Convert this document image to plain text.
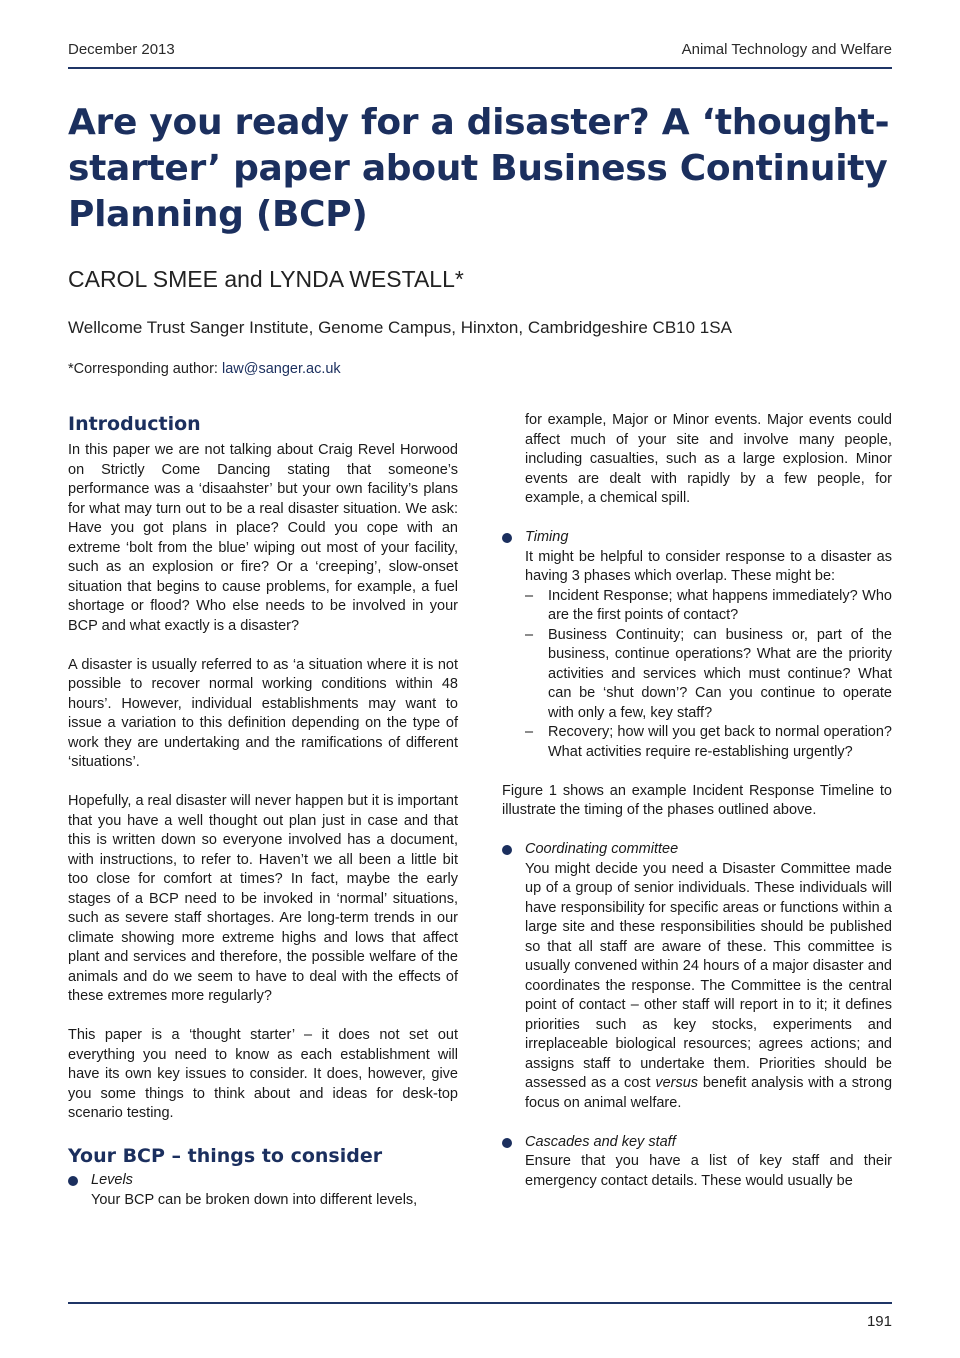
December 2013	Animal Technology and Welfare
Are you ready for a disaster? A ‘thought-starter’ paper about Business Continuity Planning (BCP)
CAROL SMEE and LYNDA WESTALL*
Wellcome Trust Sanger Institute, Genome Campus, Hinxton, Cambridgeshire CB10 1SA
*Corresponding author: law@sanger.ac.uk
Introduction

In this paper we are not talking about Craig Revel Horwood on Strictly Come Dancing stating that someone’s performance was a ‘disaahster’ but your own facility’s plans for what may turn out to be a real disaster situation. We ask: Have you got plans in place? Could you cope with an extreme ‘bolt from the blue’ wiping out most of your facility, such as an explosion or fire? Or a ‘creeping’, slow-onset situation that begins to cause problems, for example, a fuel shortage or flood? Who else needs to be involved in your BCP and what exactly is a disaster?

A disaster is usually referred to as ‘a situation where it is not possible to recover normal working conditions within 48 hours’. However, individual establishments may want to issue a variation to this definition depending on the type of work they are undertaking and the ramifications of different ‘situations’.

Hopefully, a real disaster will never happen but it is important that you have a well thought out plan just in case and that this is written down so everyone involved has a document, with instructions, to refer to. Haven’t we all been a little bit too close for comfort at times? In fact, maybe the early stages of a BCP need to be invoked in ‘normal’ situations, such as severe staff shortages. Are long-term trends in our climate showing more extreme highs and lows that affect plant and services and therefore, the possible welfare of the animals and do we seem to have to deal with the effects of these extremes more regularly?

This paper is a ‘thought starter’ – it does not set out everything you need to know as each establishment will have its own key issues to consider. It does, however, give you some things to think about and ideas for desk-top scenario testing.

Your BCP – things to consider
Levels
Your BCP can be broken down into different levels,
for example, Major or Minor events. Major events could affect much of your site and involve many people, including casualties, such as a large explosion. Minor events are dealt with rapidly by a few people, for example, a chemical spill.
Timing
It might be helpful to consider response to a disaster as having 3 phases which overlap. These might be:
– Incident Response; what happens immediately? Who are the first points of contact?
– Business Continuity; can business or, part of the business, continue operations? What are the priority activities and services which must continue? What can be ‘shut down’? Can you continue to operate with only a few, key staff?
– Recovery; how will you get back to normal operation? What activities require re-establishing urgently?

Figure 1 shows an example Incident Response Timeline to illustrate the timing of the phases outlined above.

Coordinating committee
You might decide you need a Disaster Committee made up of a group of senior individuals. These individuals will have responsibility for specific areas or functions within a large site and these responsibilities should be published so that all staff are aware of these. This committee is usually convened within 24 hours of a major disaster and coordinates the response. The Committee is the central point of contact – other staff will report in to it; it defines priorities such as key stocks, experiments and irreplaceable biological resources; agrees actions; and assigns staff to undertake them. Priorities should be assessed as a cost versus benefit analysis with a strong focus on animal welfare.
Cascades and key staff
Ensure that you have a list of key staff and their emergency contact details. These would usually be
191
